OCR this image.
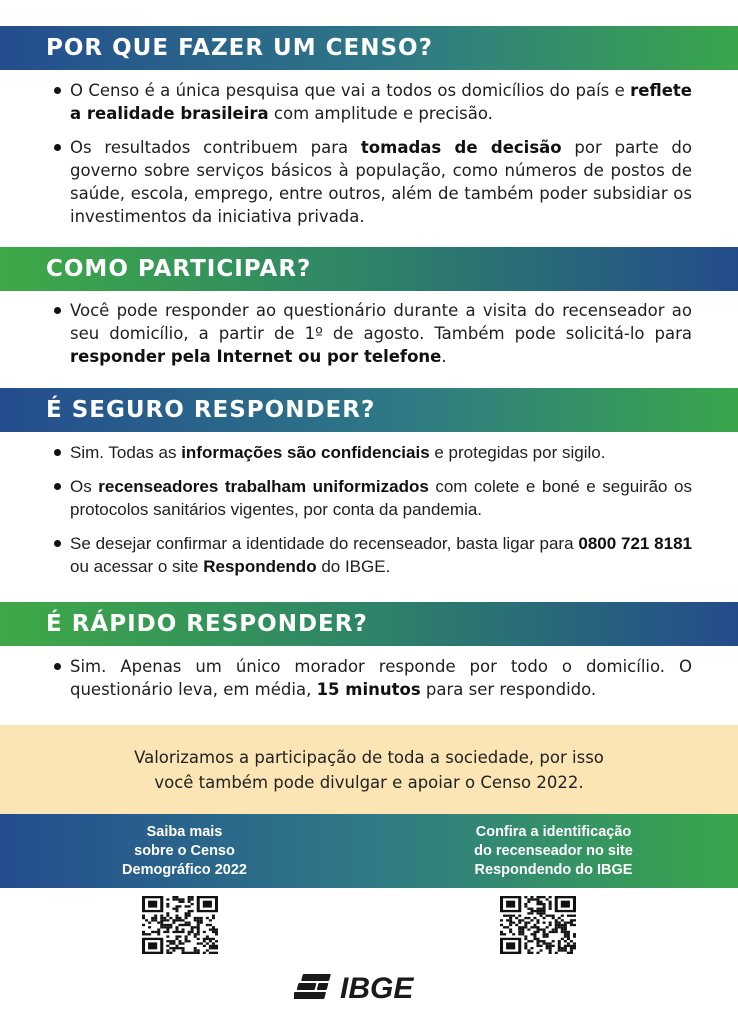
POR QUE FAZER UM CENSO?
O Censo é a única pesquisa que vai a todos os domicílios do país e reflete a realidade brasileira com amplitude e precisão.
Os resultados contribuem para tomadas de decisão por parte do governo sobre serviços básicos à população, como números de postos de saúde, escola, emprego, entre outros, além de também poder subsidiar os investimentos da iniciativa privada.
COMO PARTICIPAR?
Você pode responder ao questionário durante a visita do recenseador ao seu domicílio, a partir de 1º de agosto. Também pode solicitá-lo para responder pela Internet ou por telefone.
É SEGURO RESPONDER?
Sim. Todas as informações são confidenciais e protegidas por sigilo.
Os recenseadores trabalham uniformizados com colete e boné e seguirão os protocolos sanitários vigentes, por conta da pandemia.
Se desejar confirmar a identidade do recenseador, basta ligar para 0800 721 8181 ou acessar o site Respondendo do IBGE.
É RÁPIDO RESPONDER?
Sim. Apenas um único morador responde por todo o domicílio. O questionário leva, em média, 15 minutos para ser respondido.
Valorizamos a participação de toda a sociedade, por isso
você também pode divulgar e apoiar o Censo 2022.
Saiba mais
sobre o Censo
Demográfico 2022
Confira a identificação
do recenseador no site
Respondendo do IBGE
IBGE
